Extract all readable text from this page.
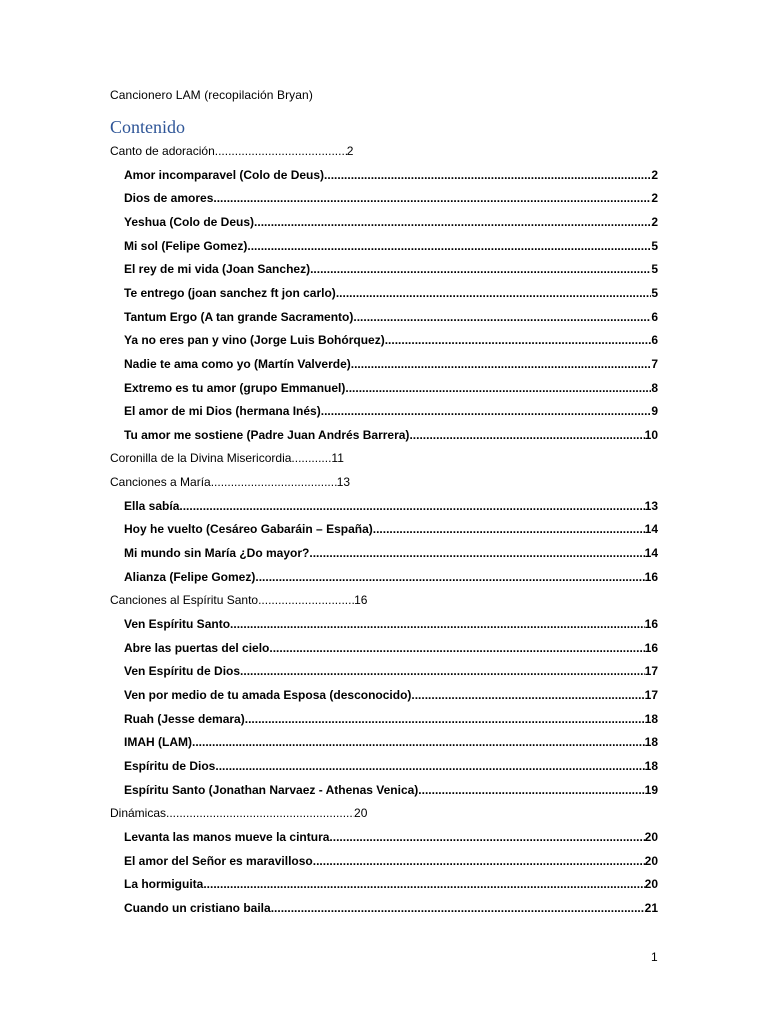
Cancionero LAM (recopilación Bryan)
Contenido
Canto de adoración .....	2
Amor incomparavel (Colo de Deus) .....	2
Dios de amores .....	2
Yeshua (Colo de Deus) .....	2
Mi sol (Felipe Gomez) .....	5
El rey de mi vida (Joan Sanchez) .....	5
Te entrego (joan sanchez ft jon carlo) .....	5
Tantum Ergo (A tan grande Sacramento) .....	6
Ya no eres pan y vino (Jorge Luis Bohórquez) .....	6
Nadie te ama como yo (Martín Valverde) .....	7
Extremo es tu amor (grupo Emmanuel) .....	8
El amor de mi Dios (hermana Inés) .....	9
Tu amor me sostiene (Padre Juan Andrés Barrera) .....	10
Coronilla de la Divina Misericordia .....	11
Canciones a María .....	13
Ella sabía .....	13
Hoy he vuelto (Cesáreo Gabaráin – España) .....	14
Mi mundo sin María ¿Do mayor? .....	14
Alianza (Felipe Gomez) .....	16
Canciones al Espíritu Santo .....	16
Ven Espíritu Santo .....	16
Abre las puertas del cielo .....	16
Ven Espíritu de Dios .....	17
Ven por medio de tu amada Esposa (desconocido) .....	17
Ruah (Jesse demara) .....	18
IMAH (LAM) .....	18
Espíritu de Dios .....	18
Espíritu Santo (Jonathan Narvaez - Athenas Venica) .....	19
Dinámicas .....	20
Levanta las manos mueve la cintura .....	20
El amor del Señor es maravilloso .....	20
La hormiguita .....	20
Cuando un cristiano baila .....	21
1
